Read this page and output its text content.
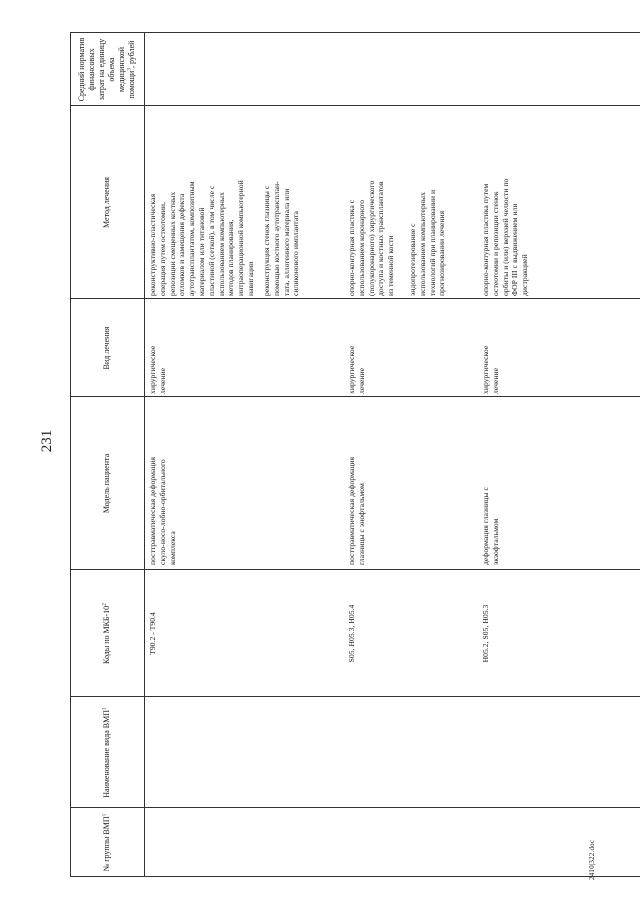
231
2410|322.doc
№ группы ВМП$^1$
Наименование вида ВМП$^1$
Коды по МКБ-$10^2$
Модель пациента
Вид лечения
Метод лечения
Средний норматив финансовых затрат на единицу объема медицинской помощи$^3$, рублей
T90.2 - T90.4
посттравматическая деформация
скуло-носо-лобно-орбитального
комплекса
хирургическое
лечение
реконструктивно-пластическая
операция путем остеотомии,
репозиции смещенных костных
отломков и замещения дефекта
аутотрансплантатом, композитным
материалом или титановой
пластиной (сеткой), в том числе с
использованием компьютерных
методов планирования,
интраоперационной компьютерной
навигации реконструкция стенок глазницы с
помощью костного аутотрансплан-
тата, аллогенного материала или
силиконового имплантата
S05, H05.3, H05.4
посттравматическая деформация
глазницы с энофтальмом
хирургическое
лечение
опорно-контурная пластика с
использованием коронарного
(полукоронарного) хирургического
доступа и костных трансплантатов
из теменной кости эндопротезирование с
использованием компьютерных
технологий при планировании и
прогнозировании лечения
H05.2, S05, H05.3
деформация глазницы с
экзофтальмом
хирургическое
лечение
опорно-контурная пластика путем
остеотомии и репозиции стенок
орбиты и (или) верхней челюсти по
ФОР III с выдвижением или
дистракцией
